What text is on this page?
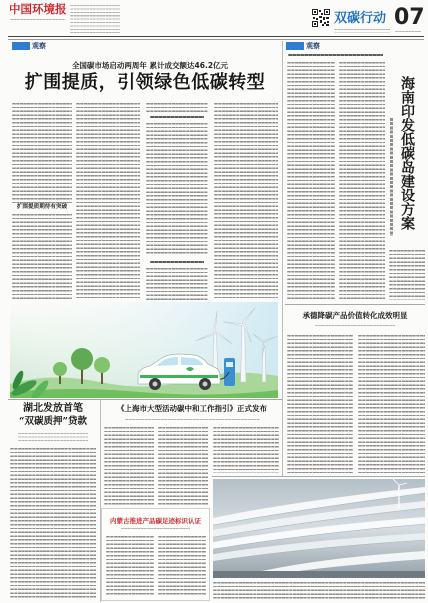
中国环境报
双碳行动 07
观察
全国碳市场启动两周年 累计成交额达46.2亿元
扩围提质，引领绿色低碳转型
扩围提质期待有突破
观察
海南印发低碳岛建设方案
承德降碳产品价值转化成效明显
湖北发放首笔
“双碳质押”贷款
《上海市大型活动碳中和工作指引》正式发布
内蒙古推进产品碳足迹标识认证
